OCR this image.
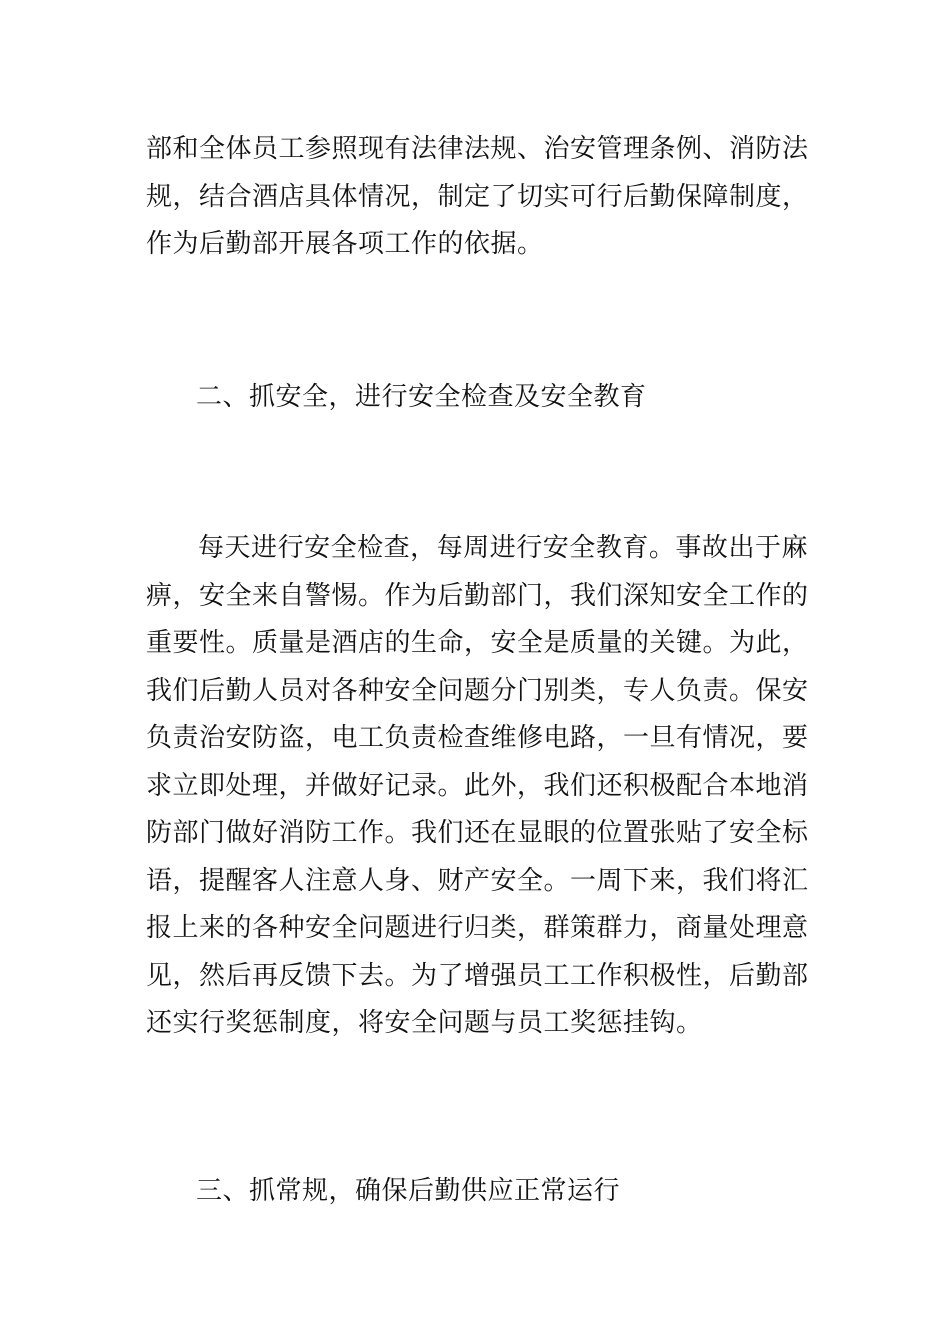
部和全体员工参照现有法律法规、治安管理条例、消防法
规，结合酒店具体情况，制定了切实可行后勤保障制度，
作为后勤部开展各项工作的依据。
二、抓安全，进行安全检查及安全教育
每天进行安全检查，每周进行安全教育。事故出于麻
痹，安全来自警惕。作为后勤部门，我们深知安全工作的
重要性。质量是酒店的生命，安全是质量的关键。为此，
我们后勤人员对各种安全问题分门别类，专人负责。保安
负责治安防盗，电工负责检查维修电路，一旦有情况，要
求立即处理，并做好记录。此外，我们还积极配合本地消
防部门做好消防工作。我们还在显眼的位置张贴了安全标
语，提醒客人注意人身、财产安全。一周下来，我们将汇
报上来的各种安全问题进行归类，群策群力，商量处理意
见，然后再反馈下去。为了增强员工工作积极性，后勤部
还实行奖惩制度，将安全问题与员工奖惩挂钩。
三、抓常规，确保后勤供应正常运行
